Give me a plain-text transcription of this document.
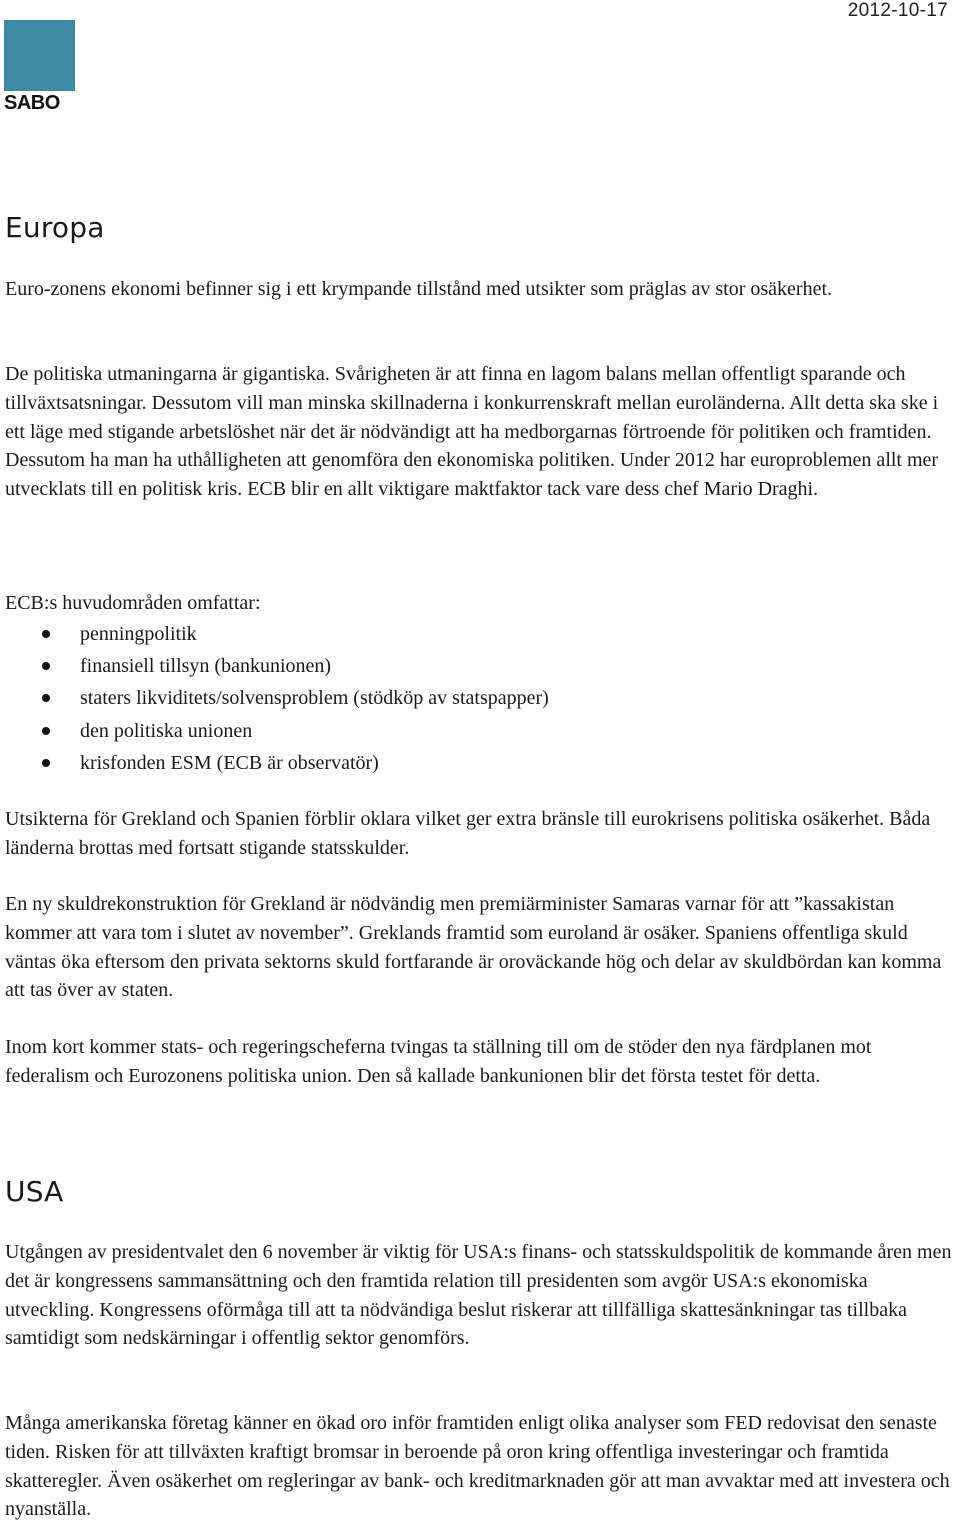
2012-10-17
SABO
Europa

Euro-zonens ekonomi befinner sig i ett krympande tillstånd med utsikter som präglas av stor osäkerhet.

De politiska utmaningarna är gigantiska. Svårigheten är att finna en lagom balans mellan offentligt sparande och tillväxtsatsningar. Dessutom vill man minska skillnaderna i konkurrenskraft mellan euroländerna. Allt detta ska ske i ett läge med stigande arbetslöshet när det är nödvändigt att ha medborgarnas förtroende för politiken och framtiden. Dessutom ha man ha uthålligheten att genomföra den ekonomiska politiken. Under 2012 har europroblemen allt mer utvecklats till en politisk kris. ECB blir en allt viktigare maktfaktor tack vare dess chef Mario Draghi.

ECB:s huvudområden omfattar:

penningpolitik
finansiell tillsyn (bankunionen)
staters likviditets/solvensproblem (stödköp av statspapper)
den politiska unionen
krisfonden ESM (ECB är observatör)

Utsikterna för Grekland och Spanien förblir oklara vilket ger extra bränsle till eurokrisens politiska osäkerhet. Båda länderna brottas med fortsatt stigande statsskulder.

En ny skuldrekonstruktion för Grekland är nödvändig men premiärminister Samaras varnar för att ”kassakistan kommer att vara tom i slutet av november”. Greklands framtid som euroland är osäker. Spaniens offentliga skuld väntas öka eftersom den privata sektorns skuld fortfarande är oroväckande hög och delar av skuldbördan kan komma att tas över av staten.

Inom kort kommer stats- och regeringscheferna tvingas ta ställning till om de stöder den nya färdplanen mot federalism och Eurozonens politiska union. Den så kallade bankunionen blir det första testet för detta.

USA

Utgången av presidentvalet den 6 november är viktig för USA:s finans- och statsskuldspolitik de kommande åren men det är kongressens sammansättning och den framtida relation till presidenten som avgör USA:s ekonomiska utveckling. Kongressens oförmåga till att ta nödvändiga beslut riskerar att tillfälliga skattesänkningar tas tillbaka samtidigt som nedskärningar i offentlig sektor genomförs.

Många amerikanska företag känner en ökad oro inför framtiden enligt olika analyser som FED redovisat den senaste tiden. Risken för att tillväxten kraftigt bromsar in beroende på oron kring offentliga investeringar och framtida skatteregler. Även osäkerhet om regleringar av bank- och kreditmarknaden gör att man avvaktar med att investera och nyanställa.
